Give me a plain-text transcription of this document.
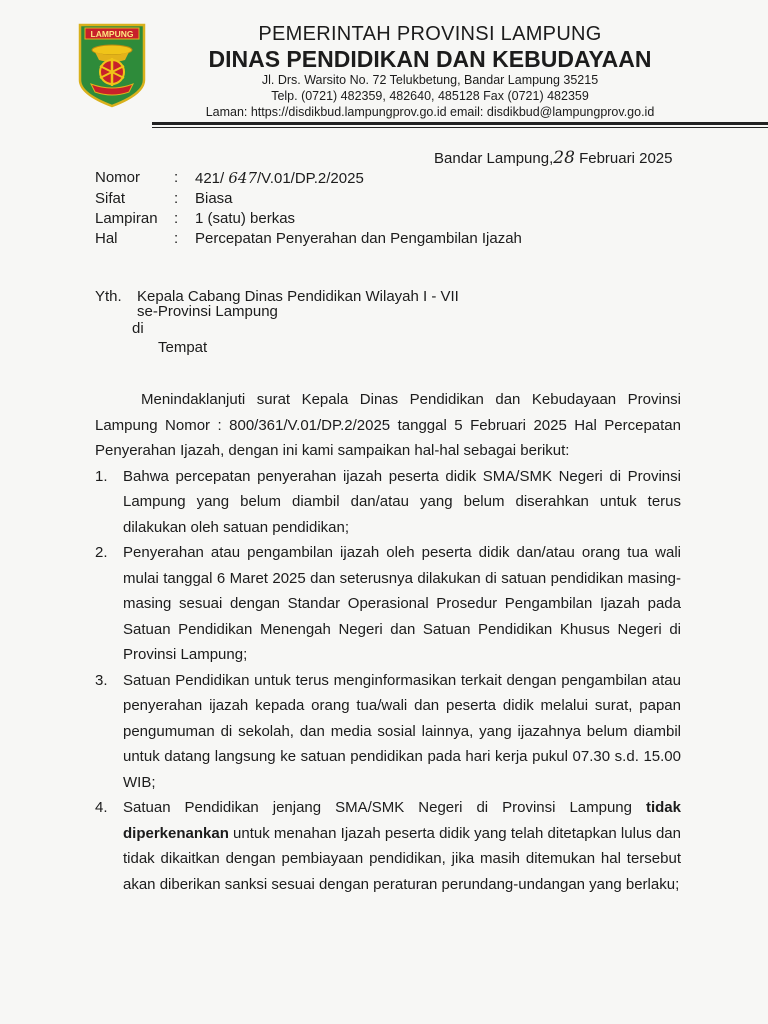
LAMPUNG	PEMERINTAH PROVINSI LAMPUNG
DINAS PENDIDIKAN DAN KEBUDAYAAN
Jl. Drs. Warsito No. 72 Telukbetung, Bandar Lampung 35215
Telp. (0721) 482359, 482640, 485128 Fax (0721) 482359
Laman: https://disdikbud.lampungprov.go.id email: disdikbud@lampungprov.go.id
Bandar Lampung,28 Februari 2025
Nomor	:	421/ 647/V.01/DP.2/2025
Sifat	:	Biasa
Lampiran	:	1 (satu) berkas
Hal	:	Percepatan Penyerahan dan Pengambilan Ijazah
Yth. Kepala Cabang Dinas Pendidikan Wilayah I - VII
se-Provinsi Lampung
di
Tempat

Menindaklanjuti surat Kepala Dinas Pendidikan dan Kebudayaan Provinsi Lampung Nomor : 800/361/V.01/DP.2/2025 tanggal 5 Februari 2025 Hal Percepatan Penyerahan Ijazah, dengan ini kami sampaikan hal-hal sebagai berikut:

1. Bahwa percepatan penyerahan ijazah peserta didik SMA/SMK Negeri di Provinsi Lampung yang belum diambil dan/atau yang belum diserahkan untuk terus dilakukan oleh satuan pendidikan;
2. Penyerahan atau pengambilan ijazah oleh peserta didik dan/atau orang tua wali mulai tanggal 6 Maret 2025 dan seterusnya dilakukan di satuan pendidikan masing-masing sesuai dengan Standar Operasional Prosedur Pengambilan Ijazah pada Satuan Pendidikan Menengah Negeri dan Satuan Pendidikan Khusus Negeri di Provinsi Lampung;
3. Satuan Pendidikan untuk terus menginformasikan terkait dengan pengambilan atau penyerahan ijazah kepada orang tua/wali dan peserta didik melalui surat, papan pengumuman di sekolah, dan media sosial lainnya, yang ijazahnya belum diambil untuk datang langsung ke satuan pendidikan pada hari kerja pukul 07.30 s.d. 15.00 WIB;
4. Satuan Pendidikan jenjang SMA/SMK Negeri di Provinsi Lampung tidak diperkenankan untuk menahan Ijazah peserta didik yang telah ditetapkan lulus dan tidak dikaitkan dengan pembiayaan pendidikan, jika masih ditemukan hal tersebut akan diberikan sanksi sesuai dengan peraturan perundang-undangan yang berlaku;
